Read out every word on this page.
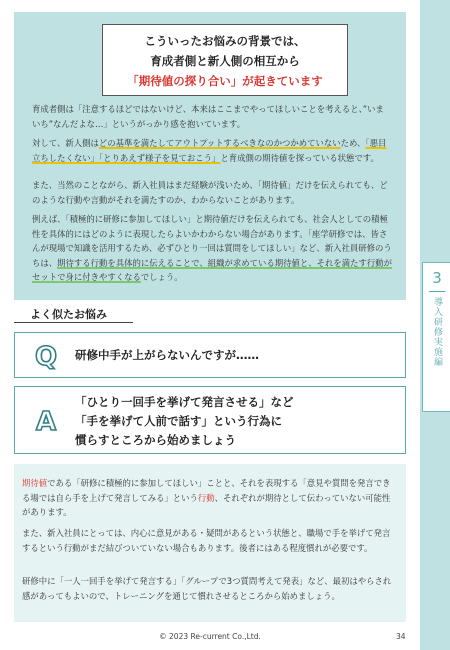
3
導入研修実施編

こういったお悩みの背景では、

育成者側と新人側の相互から

「期待値の探り合い」が起きています

育成者側は「注意するほどではないけど、本来はここまでやってほしいことを考えると、”いまいち”なんだよな…」というがっかり感を抱いています。

対して、新人側はどの基準を満たしてアウトプットするべきなのかつかめていないため、「悪目立ちしたくない」「とりあえず様子を見ておこう」と育成側の期待値を探っている状態です。

また、当然のことながら、新入社員はまだ経験が浅いため、「期待値」だけを伝えられても、どのような行動や言動がそれを満たすのか、わからないことがあります。

例えば、「積極的に研修に参加してほしい」と期待値だけを伝えられても、社会人としての積極性を具体的にはどのように表現したらよいかわからない場合があります。「座学研修では、皆さんが現場で知識を活用するため、必ずひとり一回は質問をしてほしい」など、新入社員研修のうちは、期待する行動を具体的に伝えることで、組織が求めている期待値と、それを満たす行動がセットで身に付きやすくなるでしょう。

よく似たお悩み
Q 研修中手が上がらないんですが……
A
「ひとり一回手を挙げて発言させる」など
「手を挙げて人前で話す」という行為に
慣らすところから始めましょう

期待値である「研修に積極的に参加してほしい」ことと、それを表現する「意見や質問を発言できる場では自ら手を上げて発言してみる」という行動、それぞれが期待として伝わっていない可能性があります。

また、新入社員にとっては、内心に意見がある・疑問があるという状態と、職場で手を挙げて発言するという行動がまだ結びついていない場合もあります。後者にはある程度慣れが必要です。

研修中に「一人一回手を挙げて発言する」「グループで3つ質問考えて発表」など、最初はやらされ感があってもよいので、トレーニングを通じて慣れさせるところから始めましょう。

© 2023 Re-current Co.,Ltd.	34
